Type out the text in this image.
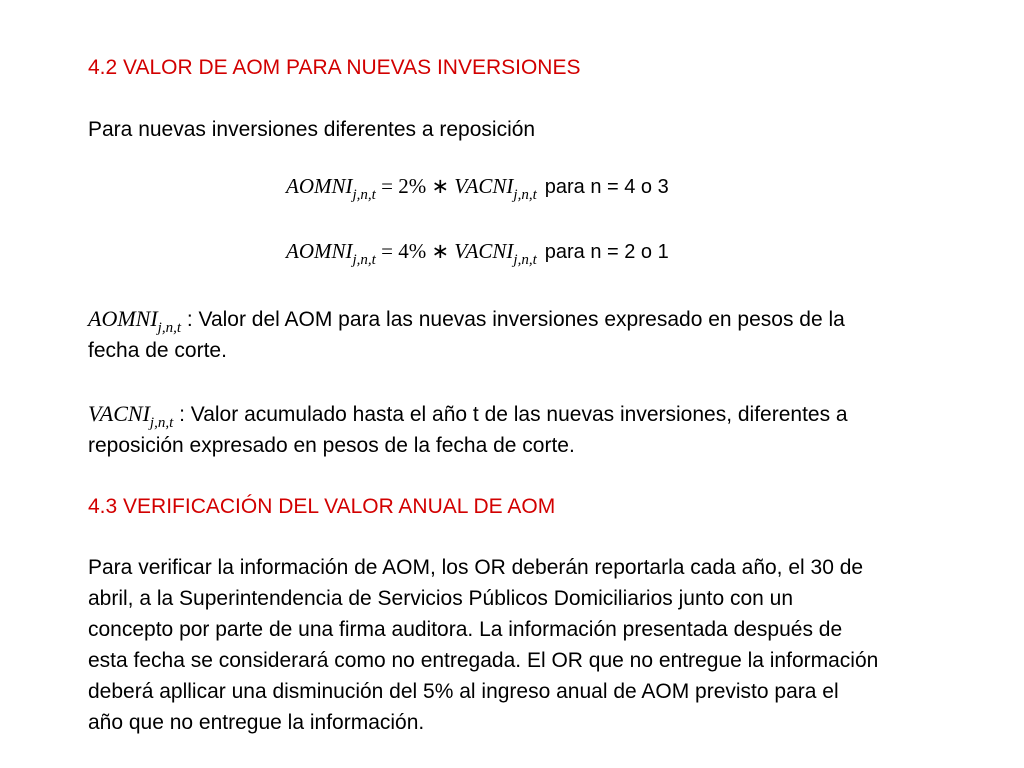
4.2 VALOR DE AOM PARA NUEVAS INVERSIONES
Para nuevas inversiones diferentes a reposición
$AOMNI_{j,n,t} = 2\%$ ∗ $VACNI_{j,n,t}$ para n = 4 o 3
$AOMNI_{j,n,t} = 4\%$ ∗ $VACNI_{j,n,t}$ para n = 2 o 1
$AOMNI_{j,n,t}$ : Valor del AOM para las nuevas inversiones expresado en pesos de la
fecha de corte.
$VACNI_{j,n,t}$ : Valor acumulado hasta el año t de las nuevas inversiones, diferentes a
reposición expresado en pesos de la fecha de corte.
4.3 VERIFICACIÓN DEL VALOR ANUAL DE AOM
Para verificar la información de AOM, los OR deberán reportarla cada año, el 30 de
abril, a la Superintendencia de Servicios Públicos Domiciliarios junto con un
concepto por parte de una firma auditora. La información presentada después de
esta fecha se considerará como no entregada. El OR que no entregue la información
deberá apllicar una disminución del 5% al ingreso anual de AOM previsto para el
año que no entregue la información.
